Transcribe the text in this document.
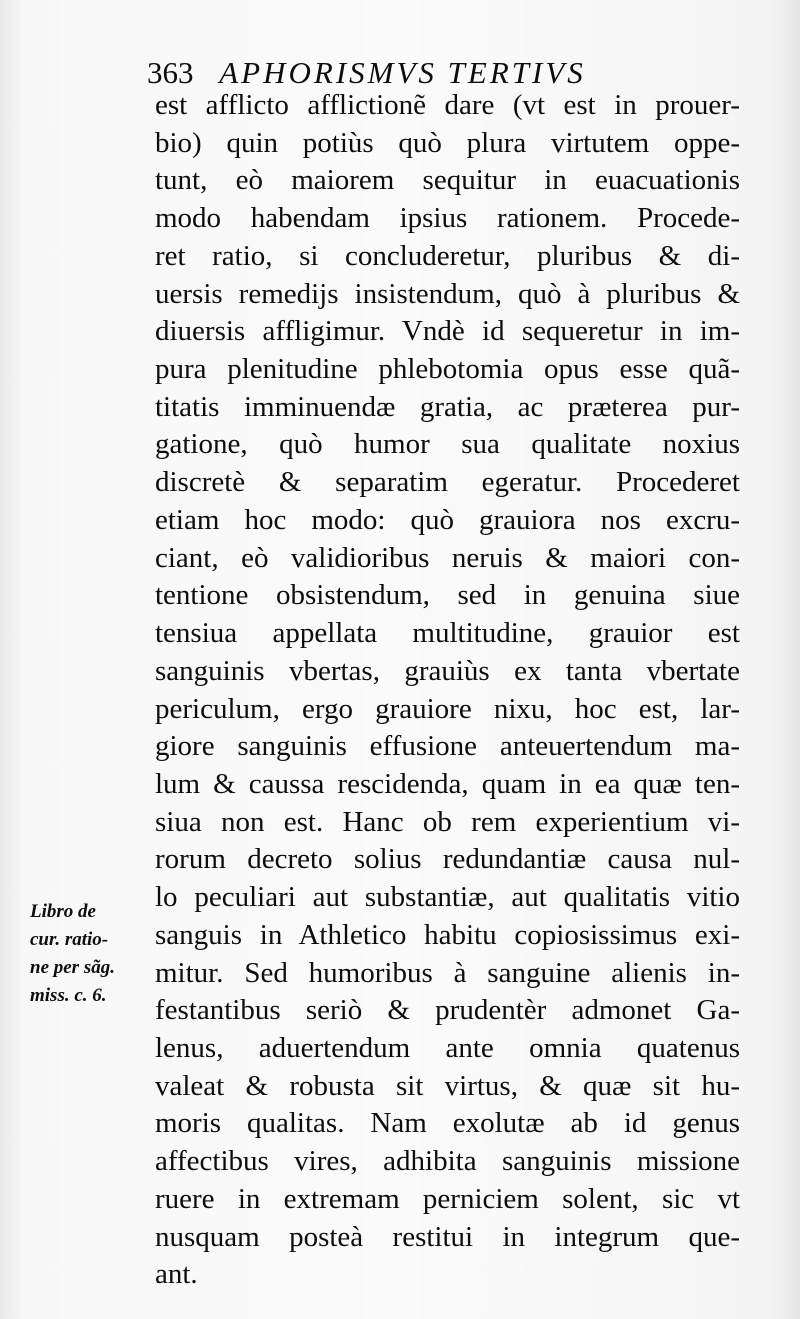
363 APHORISMVS TERTIVS
est afflicto afflictionẽ dare (vt est in prouer-
bio) quin potiùs quò plura virtutem oppe-
tunt, eò maiorem sequitur in euacuationis
modo habendam ipsius rationem. Procede-
ret ratio, si concluderetur, pluribus & di-
uersis remedijs insistendum, quò à pluribus &
diuersis affligimur. Vndè id sequeretur in im-
pura plenitudine phlebotomia opus esse quã-
titatis imminuendæ gratia, ac præterea pur-
gatione, quò humor sua qualitate noxius
discretè & separatim egeratur. Procederet
etiam hoc modo: quò grauiora nos excru-
ciant, eò validioribus neruis & maiori con-
tentione obsistendum, sed in genuina siue
tensiua appellata multitudine, grauior est
sanguinis vbertas, grauiùs ex tanta vbertate
periculum, ergo grauiore nixu, hoc est, lar-
giore sanguinis effusione anteuertendum ma-
lum & caussa rescidenda, quam in ea quæ ten-
siua non est. Hanc ob rem experientium vi-
rorum decreto solius redundantiæ causa nul-
lo peculiari aut substantiæ, aut qualitatis vitio
sanguis in Athletico habitu copiosissimus exi-
mitur. Sed humoribus à sanguine alienis in-
festantibus seriò & prudentèr admonet Ga-
lenus, aduertendum ante omnia quatenus
valeat & robusta sit virtus, & quæ sit hu-
moris qualitas. Nam exolutæ ab id genus
affectibus vires, adhibita sanguinis missione
ruere in extremam perniciem solent, sic vt
nusquam posteà restitui in integrum que-
ant.
Libro de
cur. ratio-
ne per sãg.
miss. c. 6.
